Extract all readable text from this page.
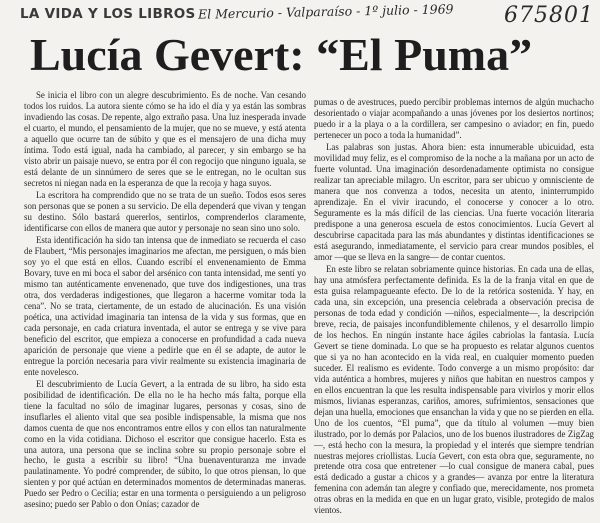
LA VIDA Y LOS LIBROS El Mercurio - Valparaíso - 1º julio - 1969 675801
Lucía Gevert: “El Puma”

Se inicia el libro con un alegre descubrimiento. Es de noche. Van cesando todos los ruidos. La autora siente cómo se ha ido el día y ya están las sombras invadiendo las cosas. De repente, algo extraño pasa. Una luz inesperada invade el cuarto, el mundo, el pensamiento de la mujer, que no se mueve, y está atenta a aquello que ocurre tan de súbito y que es el mensajero de una dicha muy íntima. Todo está igual, nada ha cambiado, al parecer, y sin embargo se ha visto abrir un paisaje nuevo, se entra por él con regocijo que ninguno iguala, se está delante de un sinnúmero de seres que se le entregan, no le ocultan sus secretos ni niegan nada en la esperanza de que la recoja y haga suyos.

La escritora ha comprendido que no se trata de un sueño. Todos esos seres son personas que se ponen a su servicio. De ella dependerá que vivan y tengan su destino. Sólo bastará quererlos, sentirlos, comprenderlos claramente, identificarse con ellos de manera que autor y personaje no sean sino uno solo.

Esta identificación ha sido tan intensa que de inmediato se recuerda el caso de Flaubert, “Mis personajes imaginarios me afectan, me persiguen, o más bien soy yo el que está en ellos. Cuando escribí el envenenamiento de Emma Bovary, tuve en mi boca el sabor del arsénico con tanta intensidad, me sentí yo mismo tan auténticamente envenenado, que tuve dos indigestiones, una tras otra, dos verdaderas indigestiones, que llegaron a hacerme vomitar toda la cena”. No se trata, ciertamente, de un estado de alucinación. Es una visión poética, una actividad imaginaria tan intensa de la vida y sus formas, que en cada personaje, en cada criatura inventada, el autor se entrega y se vive para beneficio del escritor, que empieza a conocerse en profundidad a cada nueva aparición de personaje que viene a pedirle que en él se adapte, de autor le entregue la porción necesaria para vivir realmente su existencia imaginaria de ente novelesco.

El descubrimiento de Lucía Gevert, a la entrada de su libro, ha sido esta posibilidad de identificación. De ella no le ha hecho más falta, porque ella tiene la facultad no sólo de imaginar lugares, personas y cosas, sino de insuflarles el aliento vital que sea posible indispensable, la misma que nos damos cuenta de que nos encontramos entre ellos y con ellos tan naturalmente como en la vida cotidiana. Dichoso el escritor que consigue hacerlo. Esta es una autora, una persona que se inclina sobre su propio personaje sobre el hecho, le gusta a escribir su libro! “Una buenaventuranza me invade paulatinamente. Yo podré comprender, de súbito, lo que otros piensan, lo que sienten y por qué actúan en determinados momentos de determinadas maneras. Puedo ser Pedro o Cecilia; estar en una tormenta o persiguiendo a un peligroso asesino; puedo ser Pablo o don Onías; cazador de

pumas o de avestruces, puedo percibir problemas internos de algún muchacho desorientado o viajar acompañando a unas jóvenes por los desiertos nortinos; puedo ir a la playa o a la cordillera, ser campesino o aviador; en fin, puedo pertenecer un poco a toda la humanidad”.

Las palabras son justas. Ahora bien: esta innumerable ubicuidad, esta movilidad muy feliz, es el compromiso de la noche a la mañana por un acto de fuerte voluntad. Una imaginación desordenadamente optimista no consigue realizar tan apreciable milagro. Un escritor, para ser ubicuo y omnisciente de manera que nos convenza a todos, necesita un atento, ininterrumpido aprendizaje. En el vivir iracundo, el conocerse y conocer a lo otro. Seguramente es la más difícil de las ciencias. Una fuerte vocación literaria predispone a una generosa escuela de estos conocimientos. Lucía Gevert al descubrirse capacitada para las más abundantes y distintas identificaciones se está asegurando, inmediatamente, el servicio para crear mundos posibles, el amor —que se lleva en la sangre— de contar cuentos.

En este libro se relatan sobriamente quince historias. En cada una de ellas, hay una atmósfera perfectamente definida. Es la de la franja vital en que de esta guisa relampagueante efecto. De lo de la retórica sostenida. Y hay, en cada una, sin excepción, una presencia celebrada a observación precisa de personas de toda edad y condición —niños, especialmente—, la descripción breve, recia, de paisajes inconfundiblemente chilenos, y el desarrollo limpio de los hechos. En ningún instante hace ágiles cabriolas la fantasía. Lucía Gevert se tiene dominada. Lo que se ha propuesto es relatar algunos cuentos que si ya no han acontecido en la vida real, en cualquier momento pueden suceder. El realismo es evidente. Todo converge a un mismo propósito: dar vida auténtica a hombres, mujeres y niños que habitan en nuestros campos y en ellos encuentran la que les resulta indispensable para vivirlos y morir ellos mismos, livianas esperanzas, cariños, amores, sufrimientos, sensaciones que dejan una huella, emociones que ensanchan la vida y que no se pierden en ella. Uno de los cuentos, “El puma”, que da título al volumen —muy bien ilustrado, por lo demás por Palacios, uno de los buenos ilustradores de ZigZag—, está hecho con la mesura, la propiedad y el interés que siempre tendrían nuestras mejores criollistas. Lucía Gevert, con esta obra que, seguramente, no pretende otra cosa que entretener —lo cual consigue de manera cabal, pues está dedicado a gustar a chicos y a grandes— avanza por entre la literatura femenina con ademán tan alegre y confiado que, merecidamente, nos prometa otras obras en la medida en que en un lugar grato, visible, protegido de malos vientos.
